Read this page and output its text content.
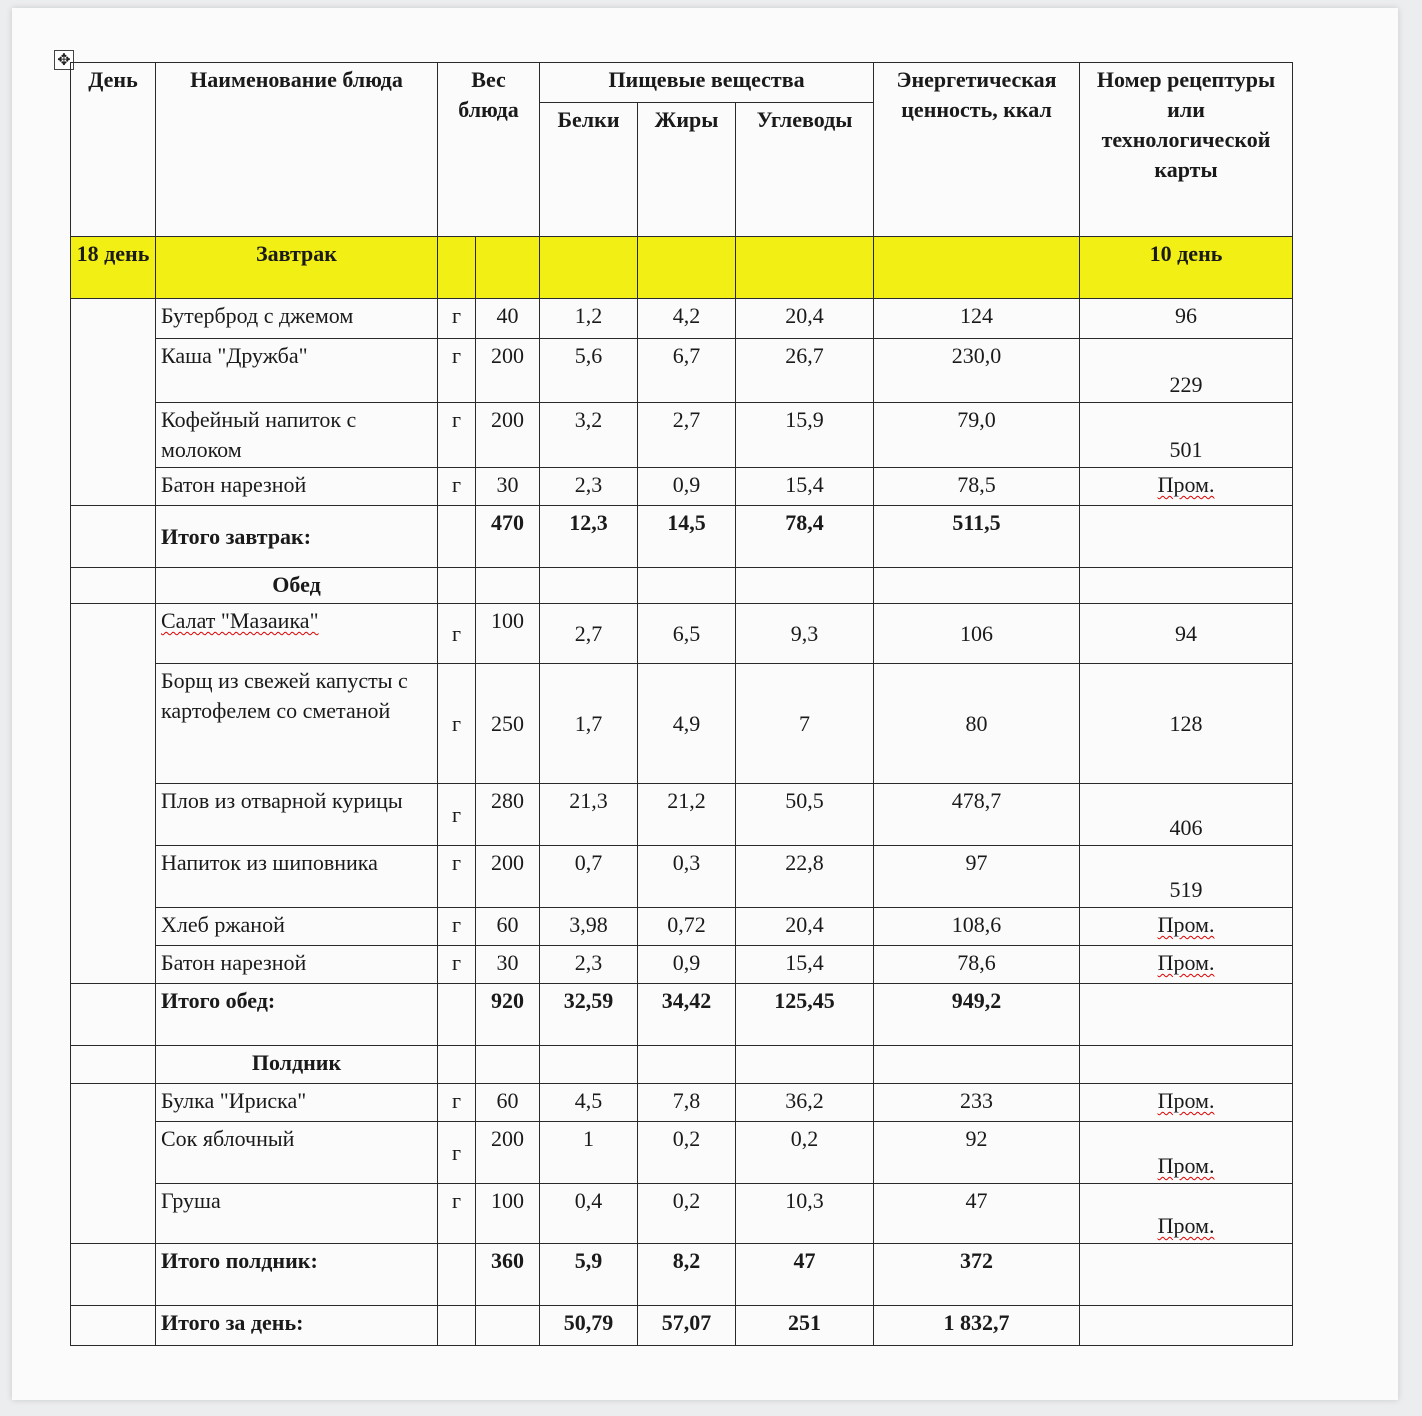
✥
День	Наименование блюда	Вес блюда		Пищевые вещества			Энергетическая ценность, ккал	Номер рецептуры или технологической карты
				Белки	Жиры	Углеводы		
18 день	Завтрак							10 день
	Бутерброд с джемом	г	40	1,2	4,2	20,4	124	96
	Каша "Дружба"	г	200	5,6	6,7	26,7	230,0	229
	Кофейный напиток с молоком	г	200	3,2	2,7	15,9	79,0	501
	Батон нарезной	г	30	2,3	0,9	15,4	78,5	Пром.
	Итого завтрак:		470	12,3	14,5	78,4	511,5	
	Обед							
	Салат "Мазаика"	г	100	2,7	6,5	9,3	106	94
	Борщ из свежей капусты с картофелем со сметаной	г	250	1,7	4,9	7	80	128
	Плов из отварной курицы	г	280	21,3	21,2	50,5	478,7	406
	Напиток из шиповника	г	200	0,7	0,3	22,8	97	519
	Хлеб ржаной	г	60	3,98	0,72	20,4	108,6	Пром.
	Батон нарезной	г	30	2,3	0,9	15,4	78,6	Пром.
	Итого обед:		920	32,59	34,42	125,45	949,2	
	Полдник							
	Булка "Ириска"	г	60	4,5	7,8	36,2	233	Пром.
	Сок яблочный	г	200	1	0,2	0,2	92	Пром.
	Груша	г	100	0,4	0,2	10,3	47	Пром.
	Итого полдник:		360	5,9	8,2	47	372	
	Итого за день:			50,79	57,07	251	1 832,7	
